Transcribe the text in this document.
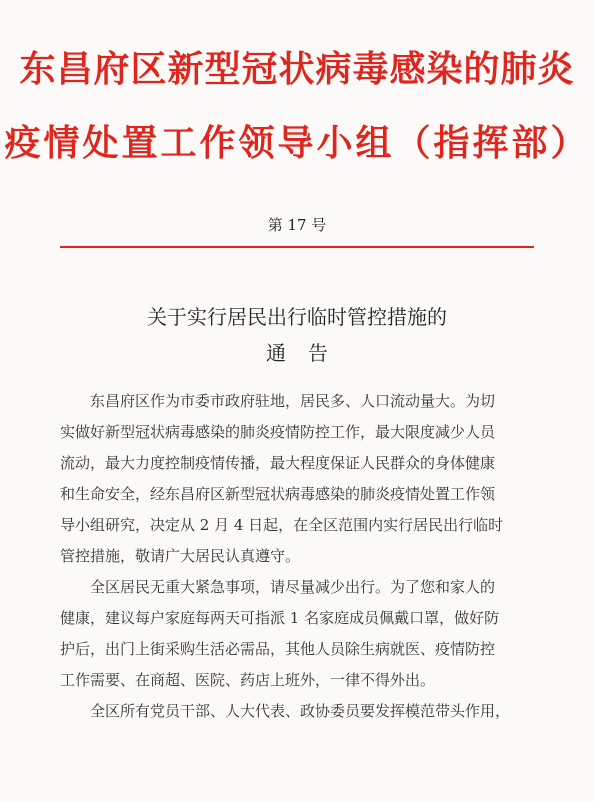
东昌府区新型冠状病毒感染的肺炎
疫情处置工作领导小组（指挥部）
第 17 号
关于实行居民出行临时管控措施的
通告
　　东昌府区作为市委市政府驻地，居民多、人口流动量大。为切
实做好新型冠状病毒感染的肺炎疫情防控工作，最大限度减少人员
流动，最大力度控制疫情传播，最大程度保证人民群众的身体健康
和生命安全，经东昌府区新型冠状病毒感染的肺炎疫情处置工作领
导小组研究，决定从 2 月 4 日起，在全区范围内实行居民出行临时
管控措施，敬请广大居民认真遵守。
　　全区居民无重大紧急事项，请尽量减少出行。为了您和家人的
健康，建议每户家庭每两天可指派 1 名家庭成员佩戴口罩，做好防
护后，出门上街采购生活必需品，其他人员除生病就医、疫情防控
工作需要、在商超、医院、药店上班外，一律不得外出。
　　全区所有党员干部、人大代表、政协委员要发挥模范带头作用，
